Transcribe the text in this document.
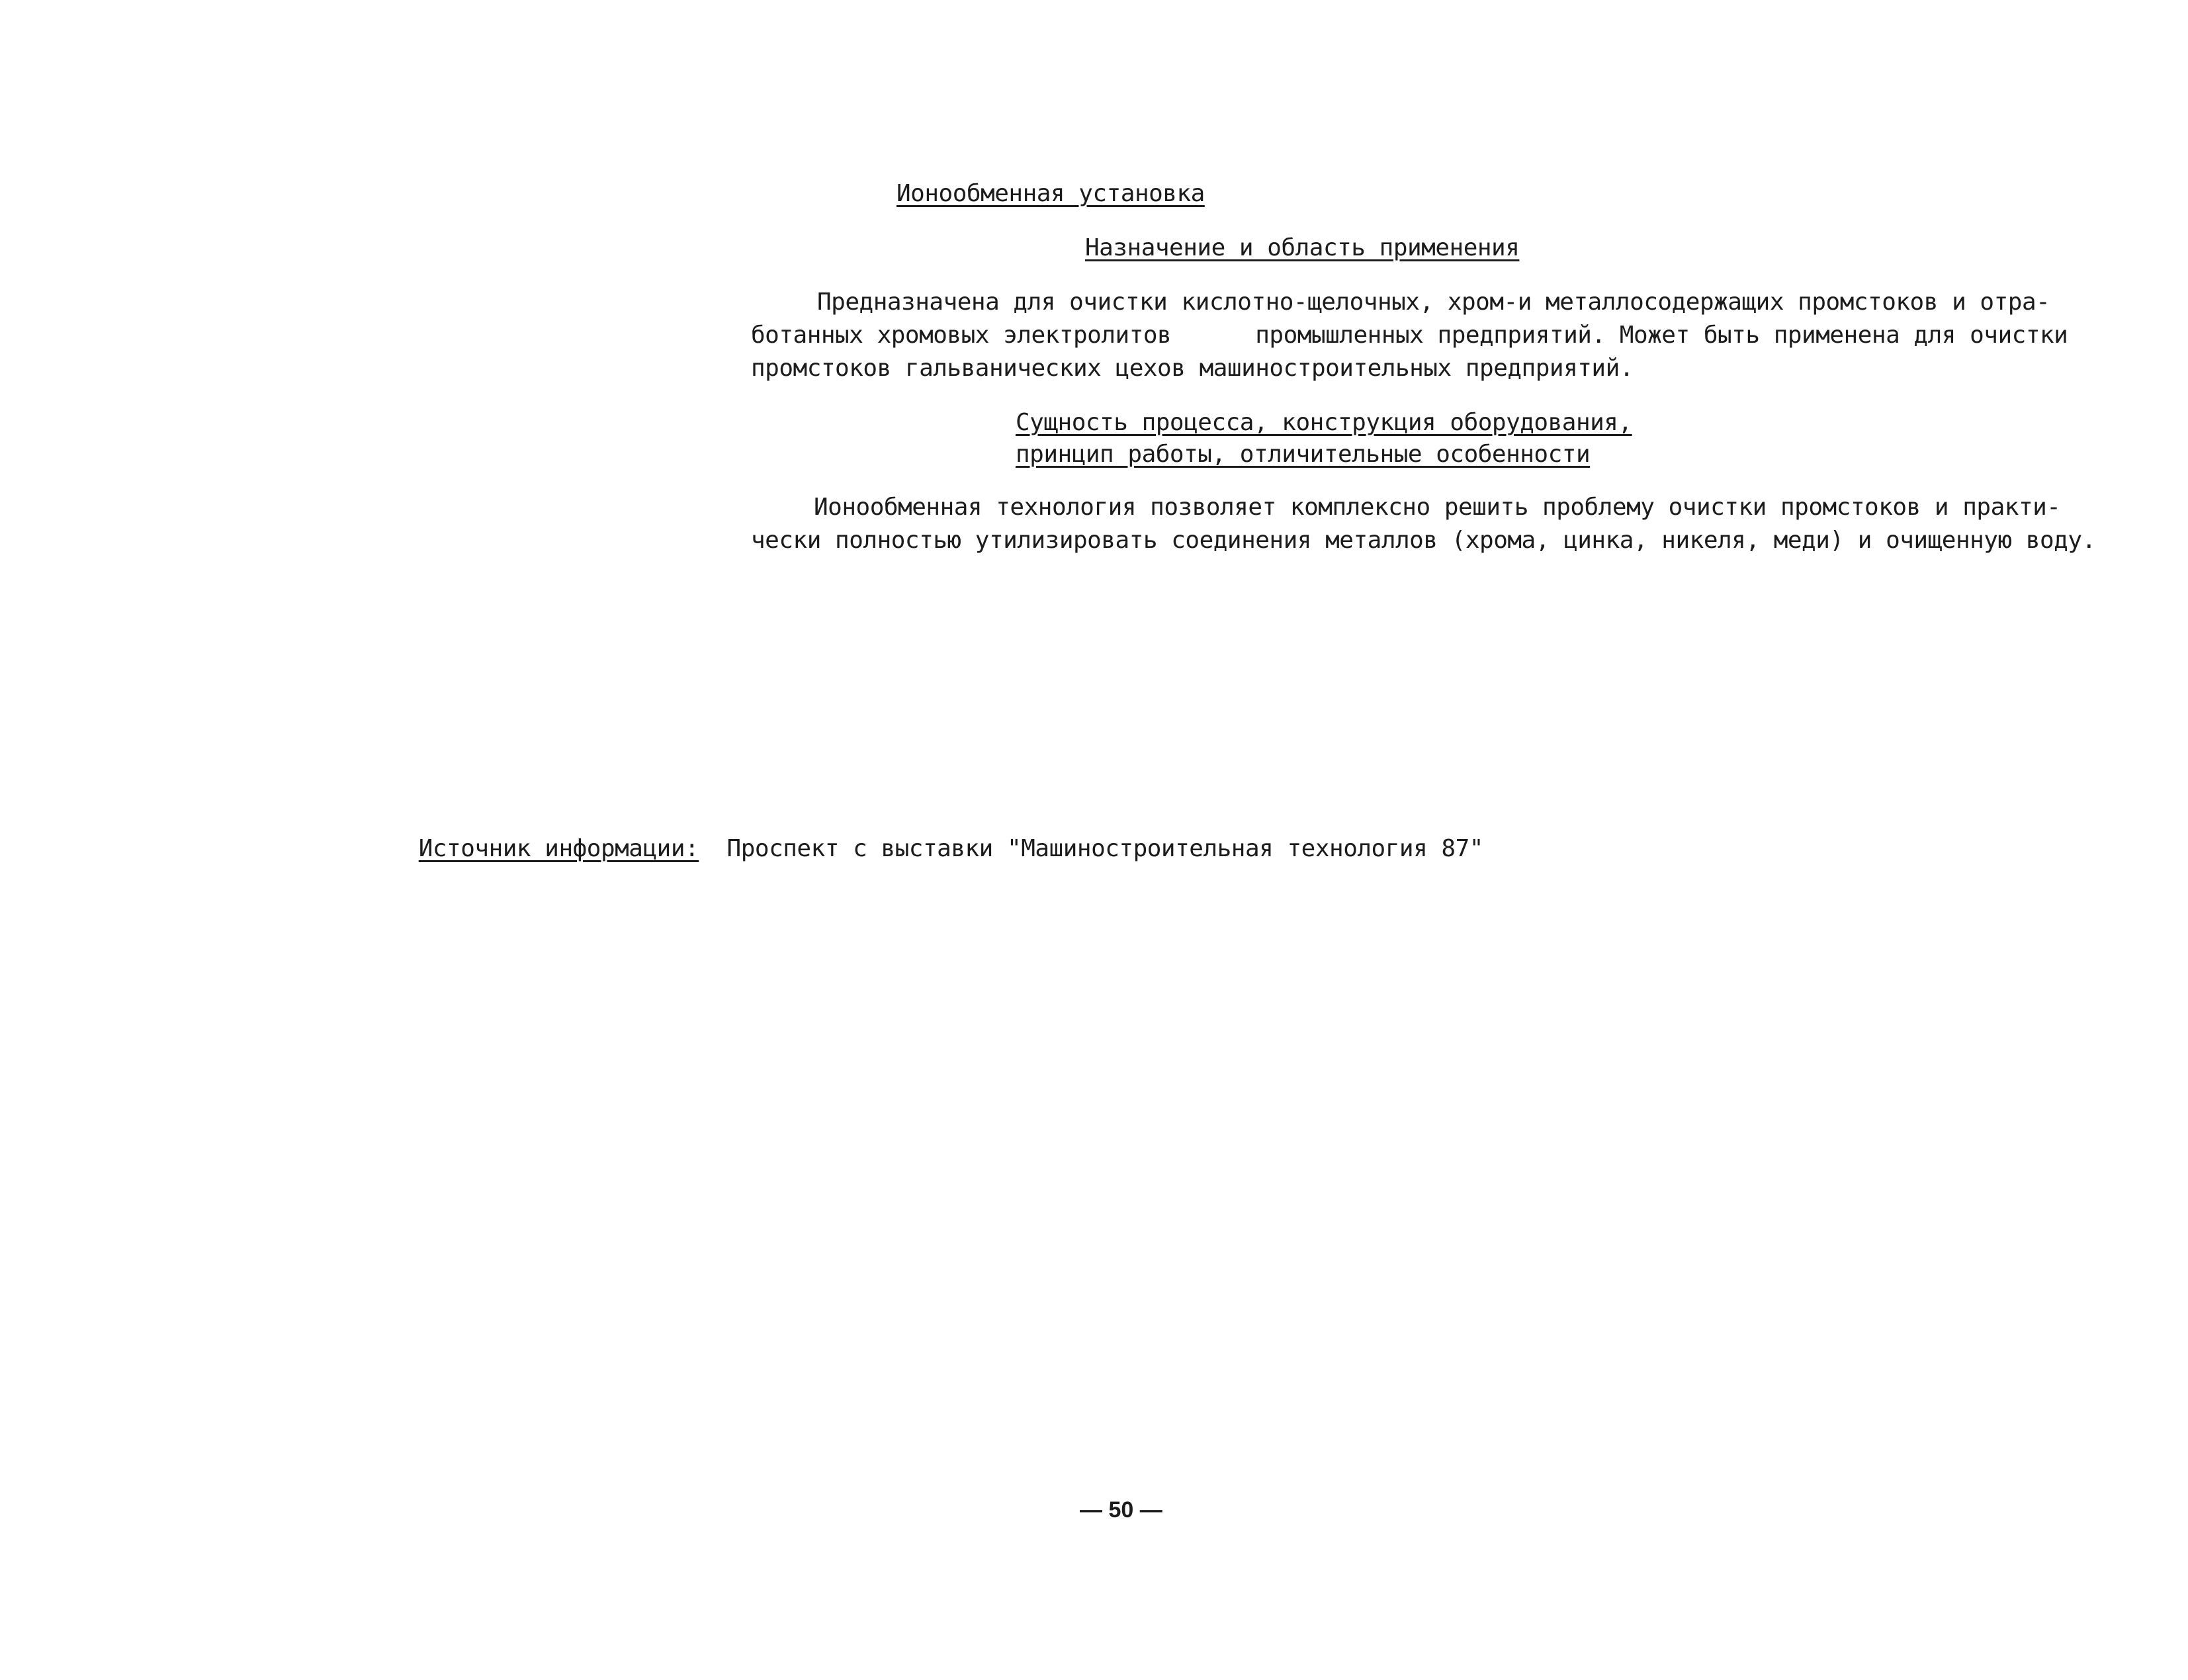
Ионообменная установка
Назначение и область применения
Предназначена для очистки кислотно-щелочных, хром-и металлосодержащих промстоков и отра-
ботанных хромовых электролитов      промышленных предприятий. Может быть применена для очистки
промстоков гальванических цехов машиностроительных предприятий.
Сущность процесса, конструкция оборудования,
принцип работы, отличительные особенности
Ионообменная технология позволяет комплексно решить проблему очистки промстоков и практи-
чески полностью утилизировать соединения металлов (хрома, цинка, никеля, меди) и очищенную воду.

Источник информации: Проспект с выставки "Машиностроительная технология 87"

— 50 —
